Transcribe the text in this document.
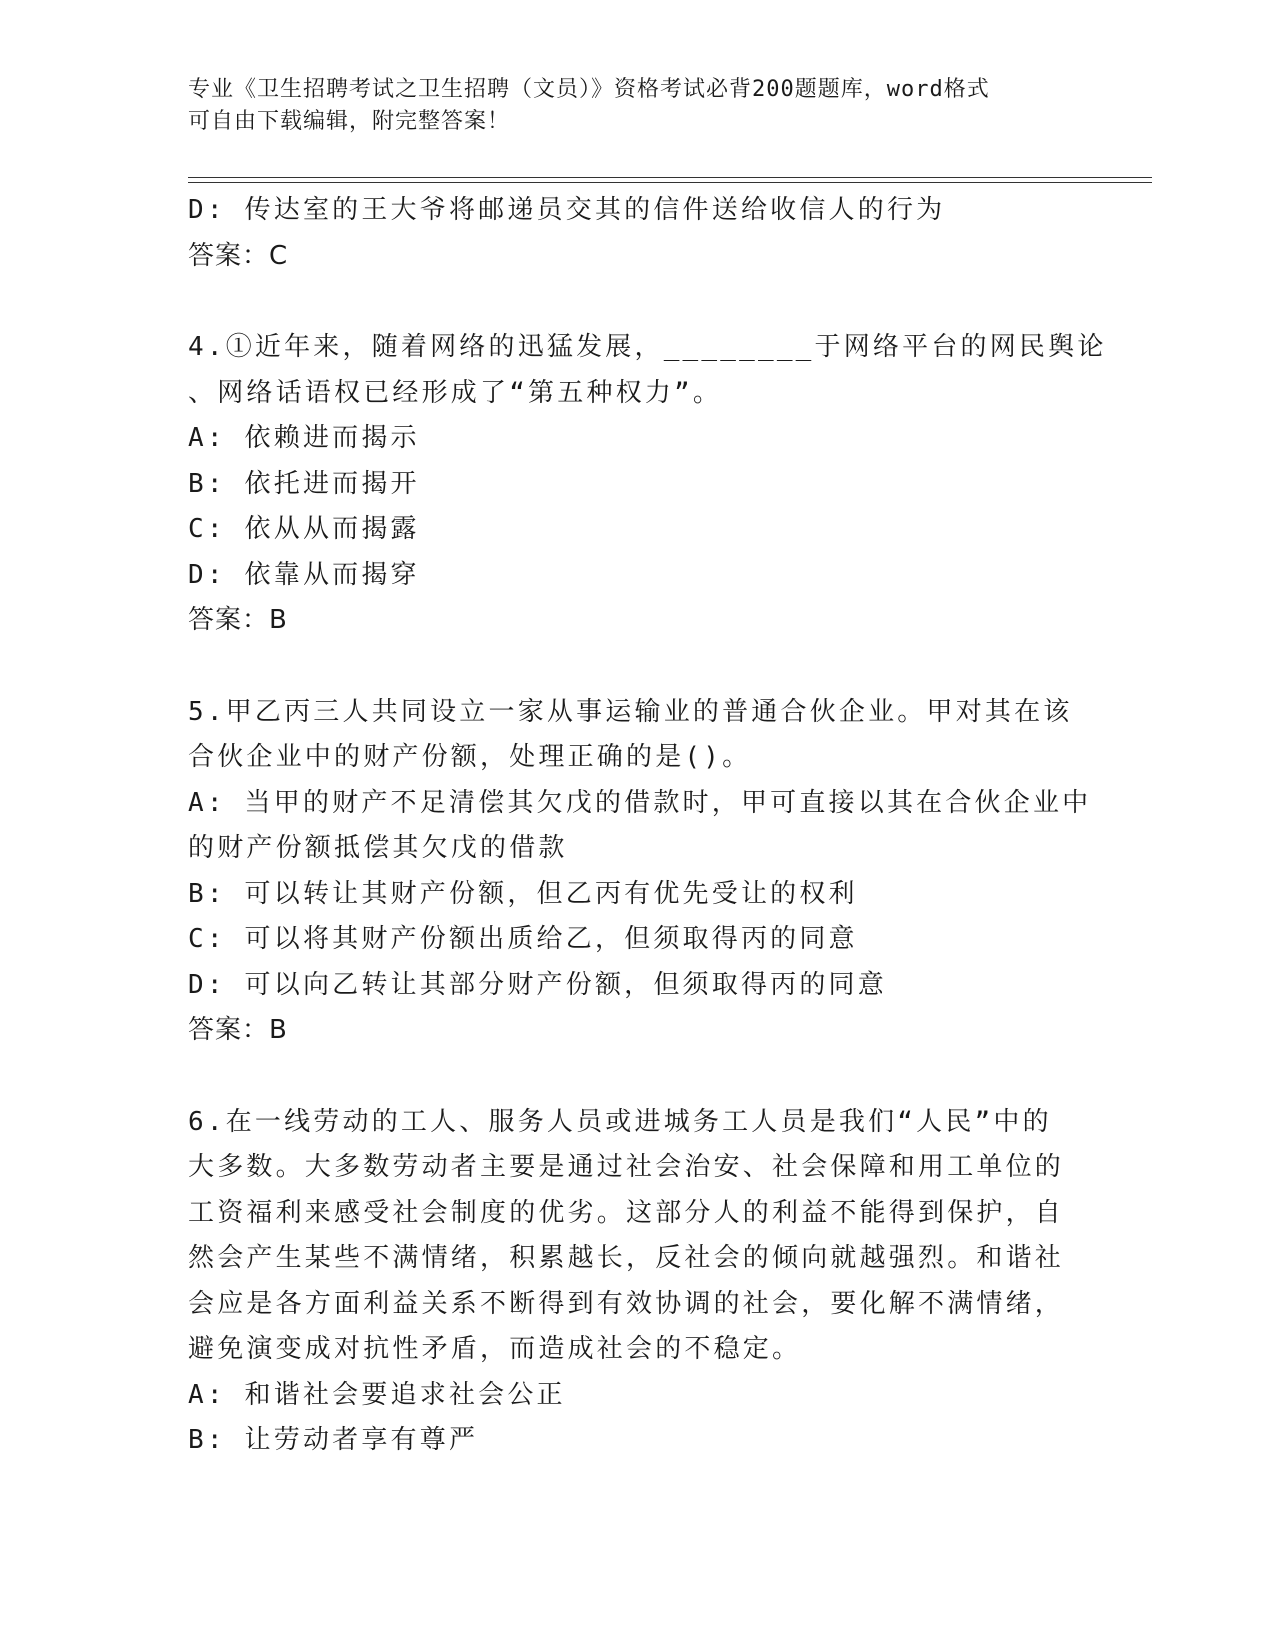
专业《卫生招聘考试之卫生招聘（文员）》资格考试必背200题题库，word格式
可自由下载编辑，附完整答案！
D: 传达室的王大爷将邮递员交其的信件送给收信人的行为
答案：C
4.①近年来，随着网络的迅猛发展，________于网络平台的网民舆论
、网络话语权已经形成了“第五种权力”。
A: 依赖进而揭示
B: 依托进而揭开
C: 依从从而揭露
D: 依靠从而揭穿
答案：B
5.甲乙丙三人共同设立一家从事运输业的普通合伙企业。甲对其在该
合伙企业中的财产份额，处理正确的是()。
A: 当甲的财产不足清偿其欠戊的借款时，甲可直接以其在合伙企业中
的财产份额抵偿其欠戊的借款
B: 可以转让其财产份额，但乙丙有优先受让的权利
C: 可以将其财产份额出质给乙，但须取得丙的同意
D: 可以向乙转让其部分财产份额，但须取得丙的同意
答案：B
6.在一线劳动的工人、服务人员或进城务工人员是我们“人民”中的
大多数。大多数劳动者主要是通过社会治安、社会保障和用工单位的
工资福利来感受社会制度的优劣。这部分人的利益不能得到保护，自
然会产生某些不满情绪，积累越长，反社会的倾向就越强烈。和谐社
会应是各方面利益关系不断得到有效协调的社会，要化解不满情绪，
避免演变成对抗性矛盾，而造成社会的不稳定。
A: 和谐社会要追求社会公正
B: 让劳动者享有尊严
